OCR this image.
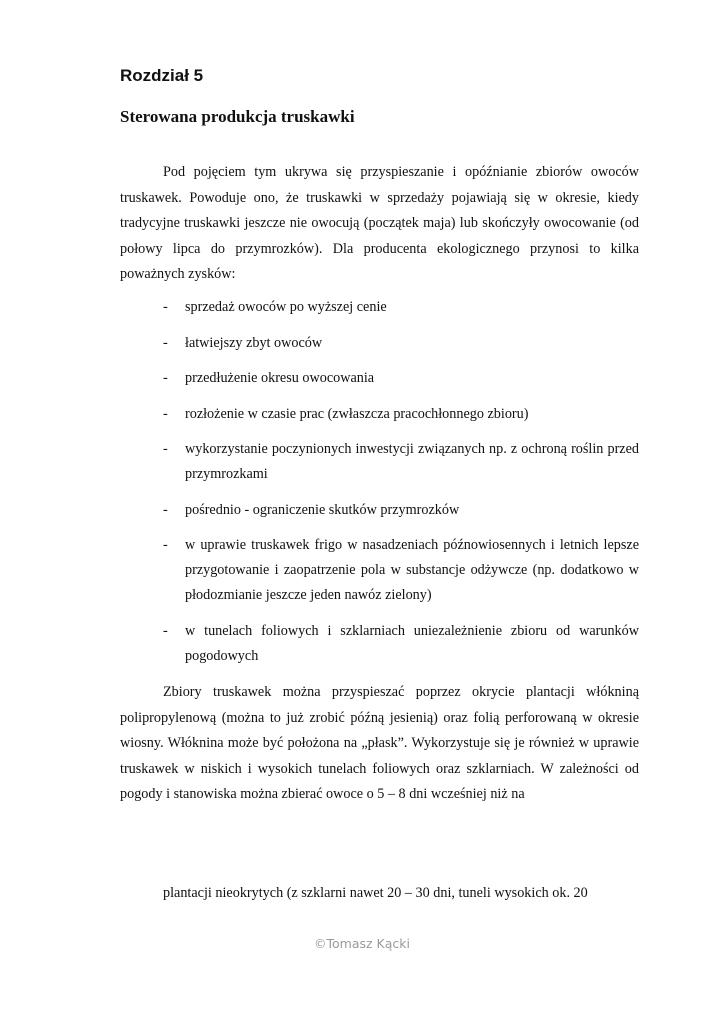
Rozdział 5
Sterowana produkcja truskawki

Pod pojęciem tym ukrywa się przyspieszanie i opóźnianie zbiorów owoców truskawek. Powoduje ono, że truskawki w sprzedaży pojawiają się w okresie, kiedy tradycyjne truskawki jeszcze nie owocują (początek maja) lub skończyły owocowanie (od połowy lipca do przymrozków). Dla producenta ekologicznego przynosi to kilka poważnych zysków:

- sprzedaż owoców po wyższej cenie
- łatwiejszy zbyt owoców
- przedłużenie okresu owocowania
- rozłożenie w czasie prac (zwłaszcza pracochłonnego zbioru)
- wykorzystanie poczynionych inwestycji związanych np. z ochroną roślin przed przymrozkami
- pośrednio - ograniczenie skutków przymrozków
- w uprawie truskawek frigo w nasadzeniach późnowiosennych i letnich lepsze przygotowanie i zaopatrzenie pola w substancje odżywcze (np. dodatkowo w płodozmianie jeszcze jeden nawóz zielony)
- w tunelach foliowych i szklarniach uniezależnienie zbioru od warunków pogodowych

Zbiory truskawek można przyspieszać poprzez okrycie plantacji włókniną polipropylenową (można to już zrobić późną jesienią) oraz folią perforowaną w okresie wiosny. Włóknina może być położona na „płask”. Wykorzystuje się je również w uprawie truskawek w niskich i wysokich tunelach foliowych oraz szklarniach. W zależności od pogody i stanowiska można zbierać owoce o 5 – 8 dni wcześniej niż na

plantacji nieokrytych (z szklarni nawet 20 – 30 dni, tuneli wysokich ok. 20

©Tomasz Kącki
